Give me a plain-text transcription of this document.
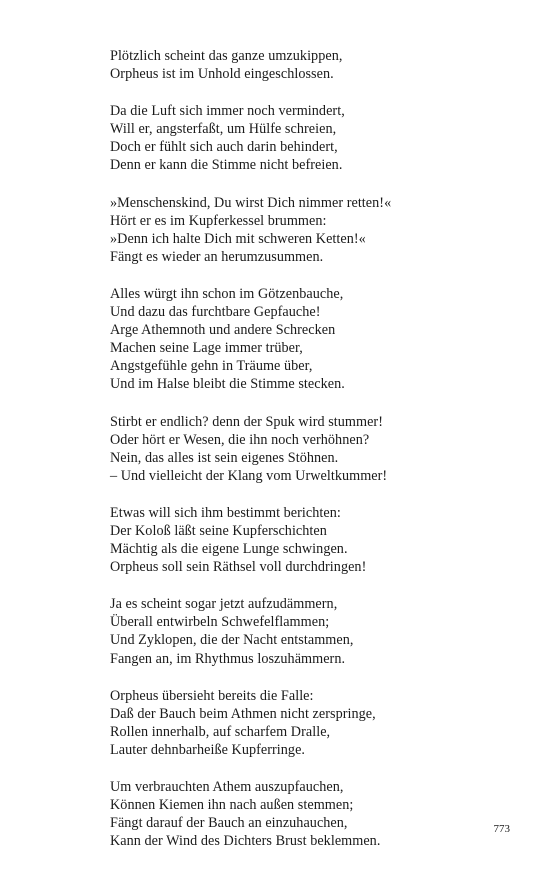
Plötzlich scheint das ganze umzukippen,
Orpheus ist im Unhold eingeschlossen.
Da die Luft sich immer noch vermindert,
Will er, angsterfaßt, um Hülfe schreien,
Doch er fühlt sich auch darin behindert,
Denn er kann die Stimme nicht befreien.
»Menschenskind, Du wirst Dich nimmer retten!«
Hört er es im Kupferkessel brummen:
»Denn ich halte Dich mit schweren Ketten!«
Fängt es wieder an herumzusummen.
Alles würgt ihn schon im Götzenbauche,
Und dazu das furchtbare Gepfauche!
Arge Athemnoth und andere Schrecken
Machen seine Lage immer trüber,
Angstgefühle gehn in Träume über,
Und im Halse bleibt die Stimme stecken.
Stirbt er endlich? denn der Spuk wird stummer!
Oder hört er Wesen, die ihn noch verhöhnen?
Nein, das alles ist sein eigenes Stöhnen.
– Und vielleicht der Klang vom Urweltkummer!
Etwas will sich ihm bestimmt berichten:
Der Koloß läßt seine Kupferschichten
Mächtig als die eigene Lunge schwingen.
Orpheus soll sein Räthsel voll durchdringen!
Ja es scheint sogar jetzt aufzudämmern,
Überall entwirbeln Schwefelflammen;
Und Zyklopen, die der Nacht entstammen,
Fangen an, im Rhythmus loszuhämmern.
Orpheus übersieht bereits die Falle:
Daß der Bauch beim Athmen nicht zerspringe,
Rollen innerhalb, auf scharfem Dralle,
Lauter dehnbarheiße Kupferringe.
Um verbrauchten Athem auszupfauchen,
Können Kiemen ihn nach außen stemmen;
Fängt darauf der Bauch an einzuhauchen,
Kann der Wind des Dichters Brust beklemmen.
773
